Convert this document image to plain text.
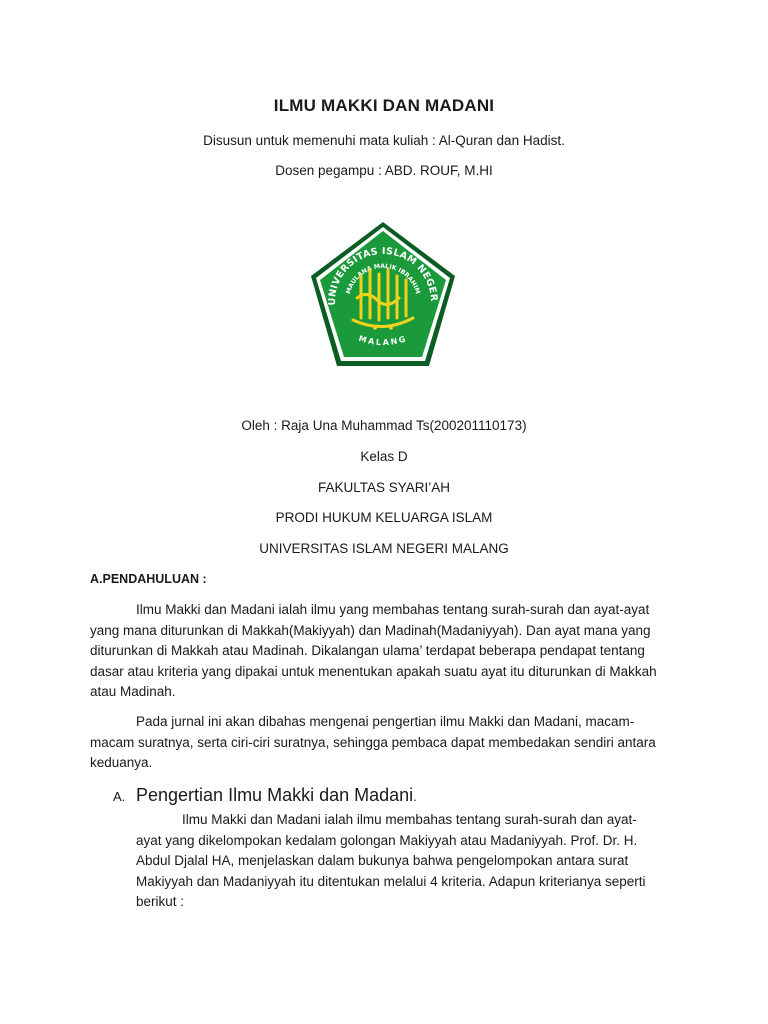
ILMU MAKKI DAN MADANI
Disusun untuk memenuhi mata kuliah : Al-Quran dan Hadist.
Dosen pegampu : ABD. ROUF, M.HI
UNIVERSITAS ISLAM NEGER
MAULANA MALIK IBRAHIM
MALANG
Oleh : Raja Una Muhammad Ts(200201110173)
Kelas D
FAKULTAS SYARI’AH
PRODI HUKUM KELUARGA ISLAM
UNIVERSITAS ISLAM NEGERI MALANG
A.PENDAHULUAN :
Ilmu Makki dan Madani ialah ilmu yang membahas tentang surah-surah dan ayat-ayat
yang mana diturunkan di Makkah(Makiyyah) dan Madinah(Madaniyyah). Dan ayat mana yang
diturunkan di Makkah atau Madinah. Dikalangan ulama’ terdapat beberapa pendapat tentang
dasar atau kriteria yang dipakai untuk menentukan apakah suatu ayat itu diturunkan di Makkah
atau Madinah.
Pada jurnal ini akan dibahas mengenai pengertian ilmu Makki dan Madani, macam-
macam suratnya, serta ciri-ciri suratnya, sehingga pembaca dapat membedakan sendiri antara
keduanya.
A. Pengertian Ilmu Makki dan Madani.
Ilmu Makki dan Madani ialah ilmu membahas tentang surah-surah dan ayat-
ayat yang dikelompokan kedalam golongan Makiyyah atau Madaniyyah. Prof. Dr. H.
Abdul Djalal HA, menjelaskan dalam bukunya bahwa pengelompokan antara surat
Makiyyah dan Madaniyyah itu ditentukan melalui 4 kriteria. Adapun kriterianya seperti
berikut :
